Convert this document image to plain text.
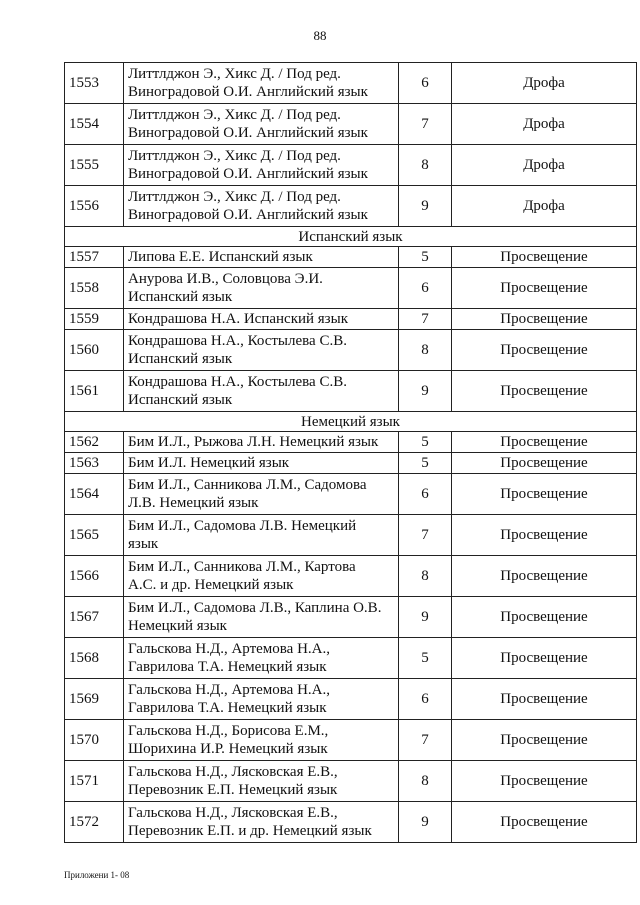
88
1553	Литтлджон Э., Хикс Д. / Под ред.
Виноградовой О.И. Английский язык	6	Дрофа
1554	Литтлджон Э., Хикс Д. / Под ред.
Виноградовой О.И. Английский язык	7	Дрофа
1555	Литтлджон Э., Хикс Д. / Под ред.
Виноградовой О.И. Английский язык	8	Дрофа
1556	Литтлджон Э., Хикс Д. / Под ред.
Виноградовой О.И. Английский язык	9	Дрофа
Испанский язык			
1557	Липова Е.Е. Испанский язык	5	Просвещение
1558	Анурова И.В., Соловцова Э.И.
Испанский язык	6	Просвещение
1559	Кондрашова Н.А. Испанский язык	7	Просвещение
1560	Кондрашова Н.А., Костылева С.В.
Испанский язык	8	Просвещение
1561	Кондрашова Н.А., Костылева С.В.
Испанский язык	9	Просвещение
Немецкий язык			
1562	Бим И.Л., Рыжова Л.Н. Немецкий язык	5	Просвещение
1563	Бим И.Л. Немецкий язык	5	Просвещение
1564	Бим И.Л., Санникова Л.М., Садомова
Л.В. Немецкий язык	6	Просвещение
1565	Бим И.Л., Садомова Л.В. Немецкий
язык	7	Просвещение
1566	Бим И.Л., Санникова Л.М., Картова
А.С. и др. Немецкий язык	8	Просвещение
1567	Бим И.Л., Садомова Л.В., Каплина О.В.
Немецкий язык	9	Просвещение
1568	Гальскова Н.Д., Артемова Н.А.,
Гаврилова Т.А. Немецкий язык	5	Просвещение
1569	Гальскова Н.Д., Артемова Н.А.,
Гаврилова Т.А. Немецкий язык	6	Просвещение
1570	Гальскова Н.Д., Борисова Е.М.,
Шорихина И.Р. Немецкий язык	7	Просвещение
1571	Гальскова Н.Д., Лясковская Е.В.,
Перевозник Е.П. Немецкий язык	8	Просвещение
1572	Гальскова Н.Д., Лясковская Е.В.,
Перевозник Е.П. и др. Немецкий язык	9	Просвещение
Приложени 1- 08
